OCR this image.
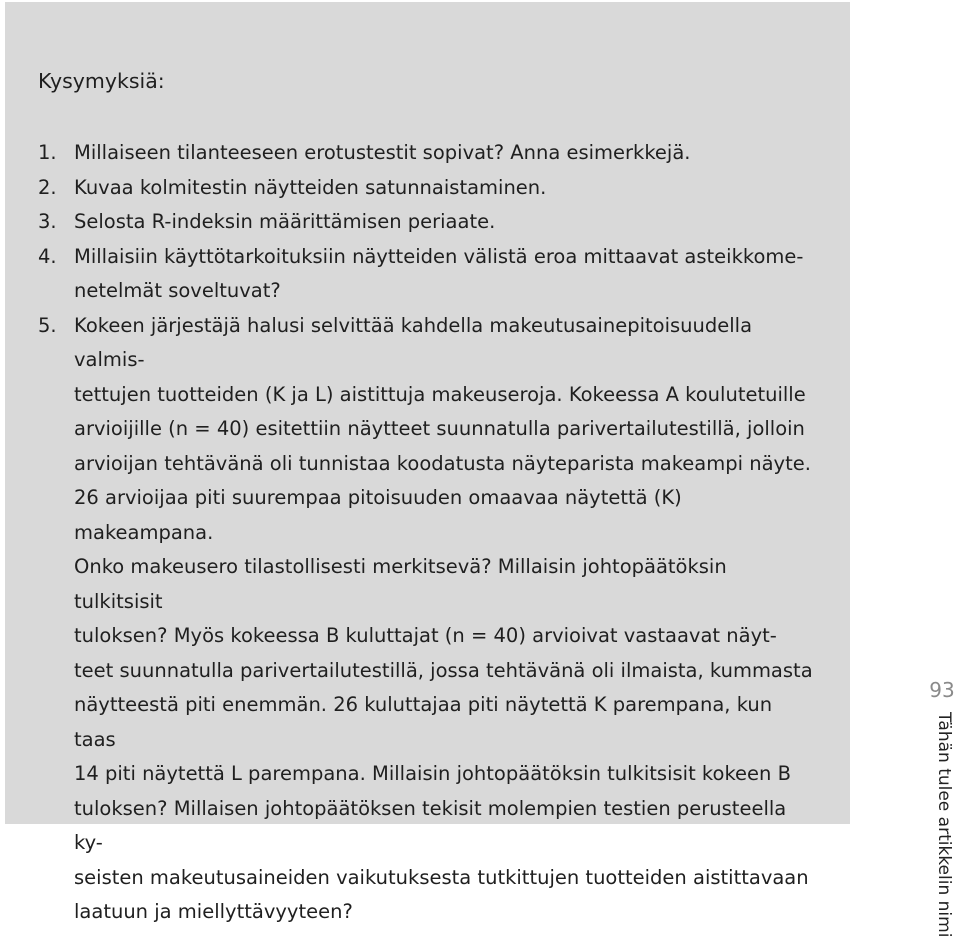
Kysymyksiä:
1. Millaiseen tilanteeseen erotustestit sopivat? Anna esimerkkejä.
2. Kuvaa kolmitestin näytteiden satunnaistaminen.
3. Selosta R-indeksin määrittämisen periaate.
4. Millaisiin käyttötarkoituksiin näytteiden välistä eroa mittaavat asteikkome-
netelmät soveltuvat?
5. Kokeen järjestäjä halusi selvittää kahdella makeutusainepitoisuudella valmis-
tettujen tuotteiden (K ja L) aistittuja makeuseroja. Kokeessa A koulutetuille
arvioijille (n = 40) esitettiin näytteet suunnatulla parivertailutestillä, jolloin
arvioijan tehtävänä oli tunnistaa koodatusta näyteparista makeampi näyte.
26 arvioijaa piti suurempaa pitoisuuden omaavaa näytettä (K) makeampana.
Onko makeusero tilastollisesti merkitsevä? Millaisin johtopäätöksin tulkitsisit
tuloksen? Myös kokeessa B kuluttajat (n = 40) arvioivat vastaavat näyt-
teet suunnatulla parivertailutestillä, jossa tehtävänä oli ilmaista, kummasta
näytteestä piti enemmän. 26 kuluttajaa piti näytettä K parempana, kun taas
14 piti näytettä L parempana. Millaisin johtopäätöksin tulkitsisit kokeen B
tuloksen? Millaisen johtopäätöksen tekisit molempien testien perusteella ky-
seisten makeutusaineiden vaikutuksesta tutkittujen tuotteiden aistittavaan
laatuun ja miellyttävyyteen?
93
Tähän tulee artikkelin nimi
